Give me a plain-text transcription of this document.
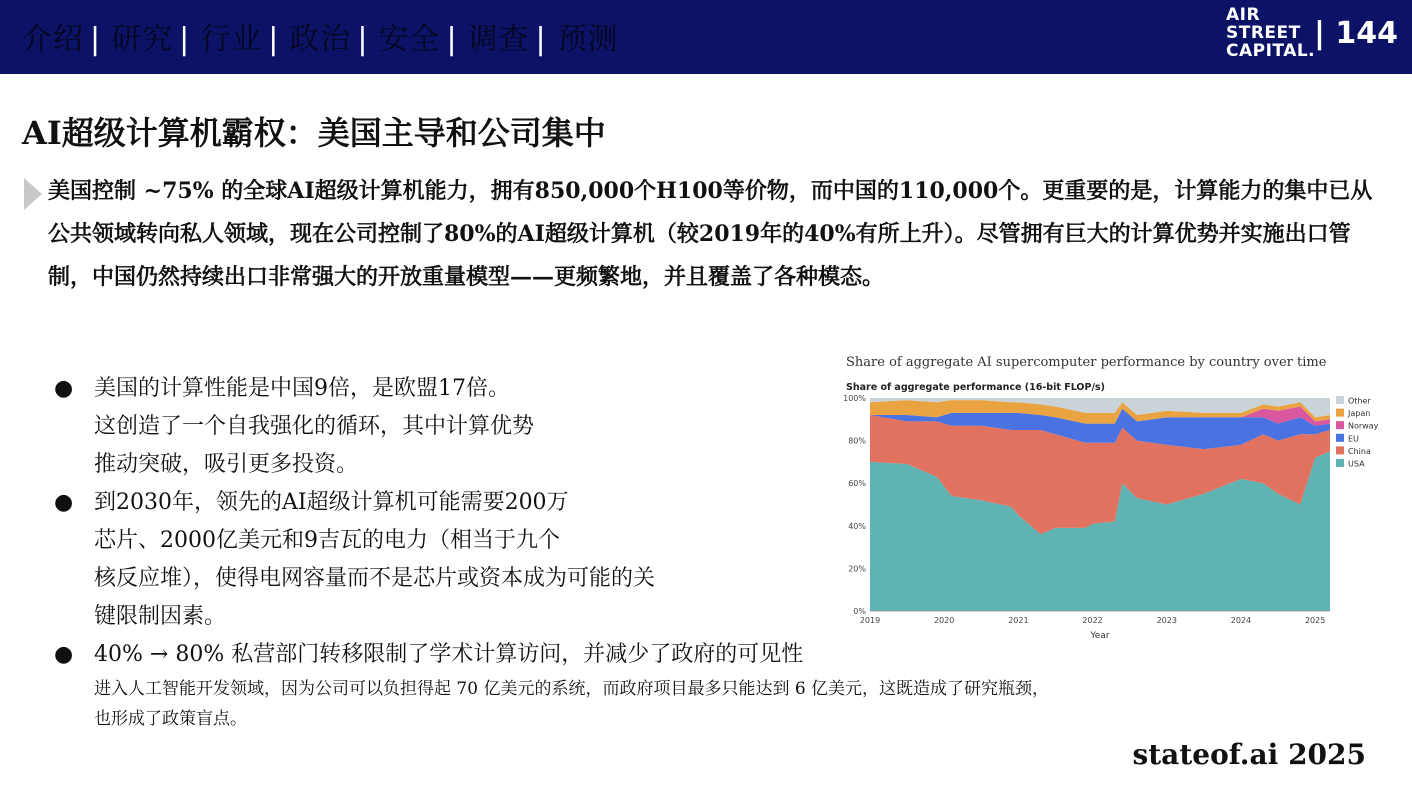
介绍 | 研究 | 行业 | 政治 | 安全 | 调查 | 预测
AIR
STREET
CAPITAL.
| 144
AI超级计算机霸权：美国主导和公司集中
美国控制 ~75% 的全球AI超级计算机能力，拥有850,000个H100等价物，而中国的110,000个。更重要的是，计算能力的集中已从公共领域转向私人领域，现在公司控制了80%的AI超级计算机（较2019年的40%有所上升）。尽管拥有巨大的计算优势并实施出口管制，中国仍然持续出口非常强大的开放重量模型——更频繁地，并且覆盖了各种模态。
● 美国的计算性能是中国9倍，是欧盟17倍。
这创造了一个自我强化的循环，其中计算优势
推动突破，吸引更多投资。
● 到2030年，领先的AI超级计算机可能需要200万
芯片、2000亿美元和9吉瓦的电力（相当于九个
核反应堆），使得电网容量而不是芯片或资本成为可能的关
键限制因素。
● 40% → 80% 私营部门转移限制了学术计算访问，并减少了政府的可见性
进入人工智能开发领域，因为公司可以负担得起 70 亿美元的系统，而政府项目最多只能达到 6 亿美元，这既造成了研究瓶颈，
也形成了政策盲点。
Share of aggregate AI supercomputer performance by country over time
Share of aggregate performance (16-bit FLOP/s)
0%
20%
40%
60%
80%
100%
2019	2020	2021	2022	2023	2024	2025
Year
Other
Japan
Norway
EU
China
USA
stateof.ai 2025
